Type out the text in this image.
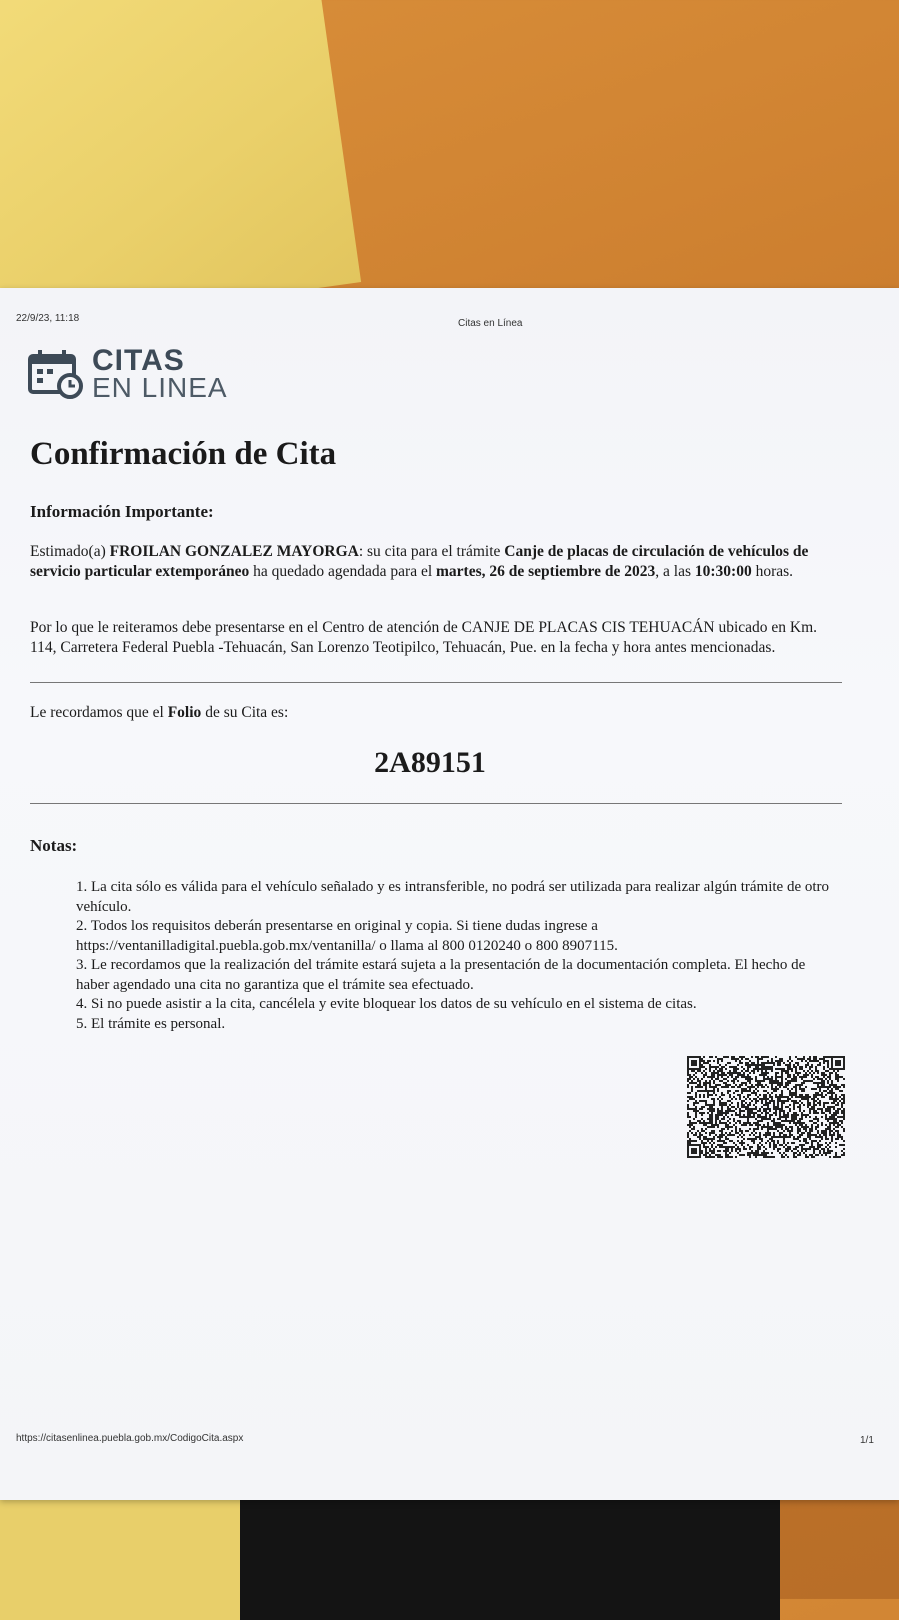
22/9/23, 11:18	Citas en Línea
CITAS
EN LINEA
Confirmación de Cita
Información Importante:
Estimado(a) FROILAN GONZALEZ MAYORGA: su cita para el trámite Canje de placas de circulación de vehículos de servicio particular extemporáneo ha quedado agendada para el martes, 26 de septiembre de 2023, a las 10:30:00 horas.
Por lo que le reiteramos debe presentarse en el Centro de atención de CANJE DE PLACAS CIS TEHUACÁN ubicado en Km. 114, Carretera Federal Puebla -Tehuacán, San Lorenzo Teotipilco, Tehuacán, Pue. en la fecha y hora antes mencionadas.
Le recordamos que el Folio de su Cita es:
2A89151
Notas:
1. La cita sólo es válida para el vehículo señalado y es intransferible, no podrá ser utilizada para realizar algún trámite de otro vehículo.
2. Todos los requisitos deberán presentarse en original y copia. Si tiene dudas ingrese a https://ventanilladigital.puebla.gob.mx/ventanilla/ o llama al 800 0120240 o 800 8907115.
3. Le recordamos que la realización del trámite estará sujeta a la presentación de la documentación completa. El hecho de haber agendado una cita no garantiza que el trámite sea efectuado.
4. Si no puede asistir a la cita, cancélela y evite bloquear los datos de su vehículo en el sistema de citas.
5. El trámite es personal.
https://citasenlinea.puebla.gob.mx/CodigoCita.aspx	1/1
